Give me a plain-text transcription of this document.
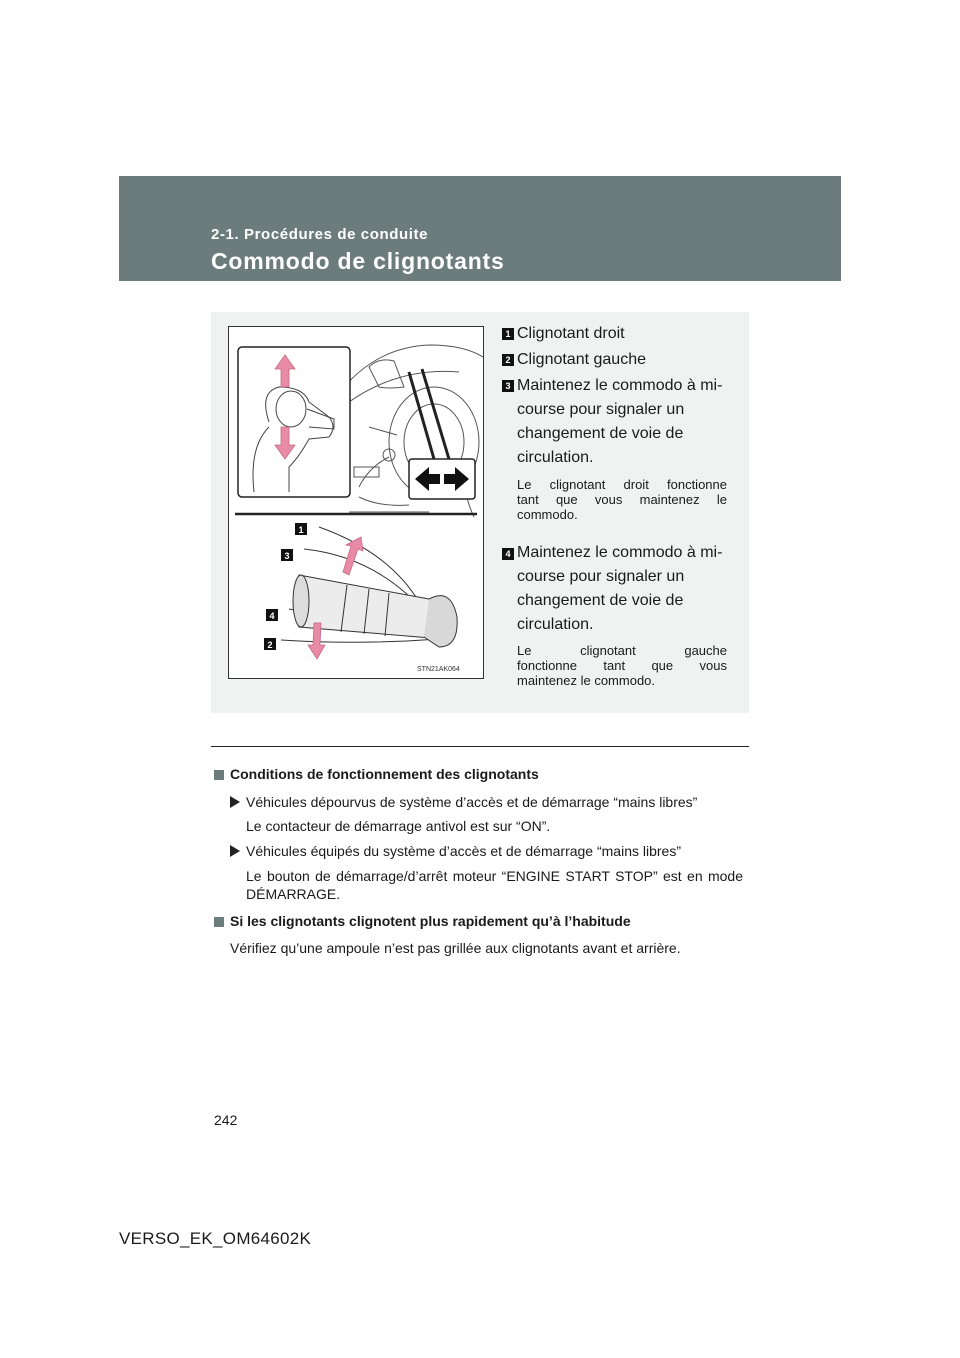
2-1. Procédures de conduite
Commodo de clignotants
1
3
4
2
STN21AK064
1 Clignotant droit
2 Clignotant gauche
3 Maintenez le commodo à mi-course pour signaler un changement de voie de circulation.
Le clignotant droit fonctionne
tant que vous maintenez le
commodo.
4 Maintenez le commodo à mi-course pour signaler un changement de voie de circulation.
Le clignotant gauche
fonctionne tant que vous
maintenez le commodo.
Conditions de fonctionnement des clignotants
Véhicules dépourvus de système d’accès et de démarrage “mains libres”
Le contacteur de démarrage antivol est sur “ON”.
Véhicules équipés du système d’accès et de démarrage “mains libres”
Le bouton de démarrage/d’arrêt moteur “ENGINE START STOP” est en mode DÉMARRAGE.
Si les clignotants clignotent plus rapidement qu’à l’habitude
Vérifiez qu’une ampoule n’est pas grillée aux clignotants avant et arrière.
242
VERSO_EK_OM64602K
